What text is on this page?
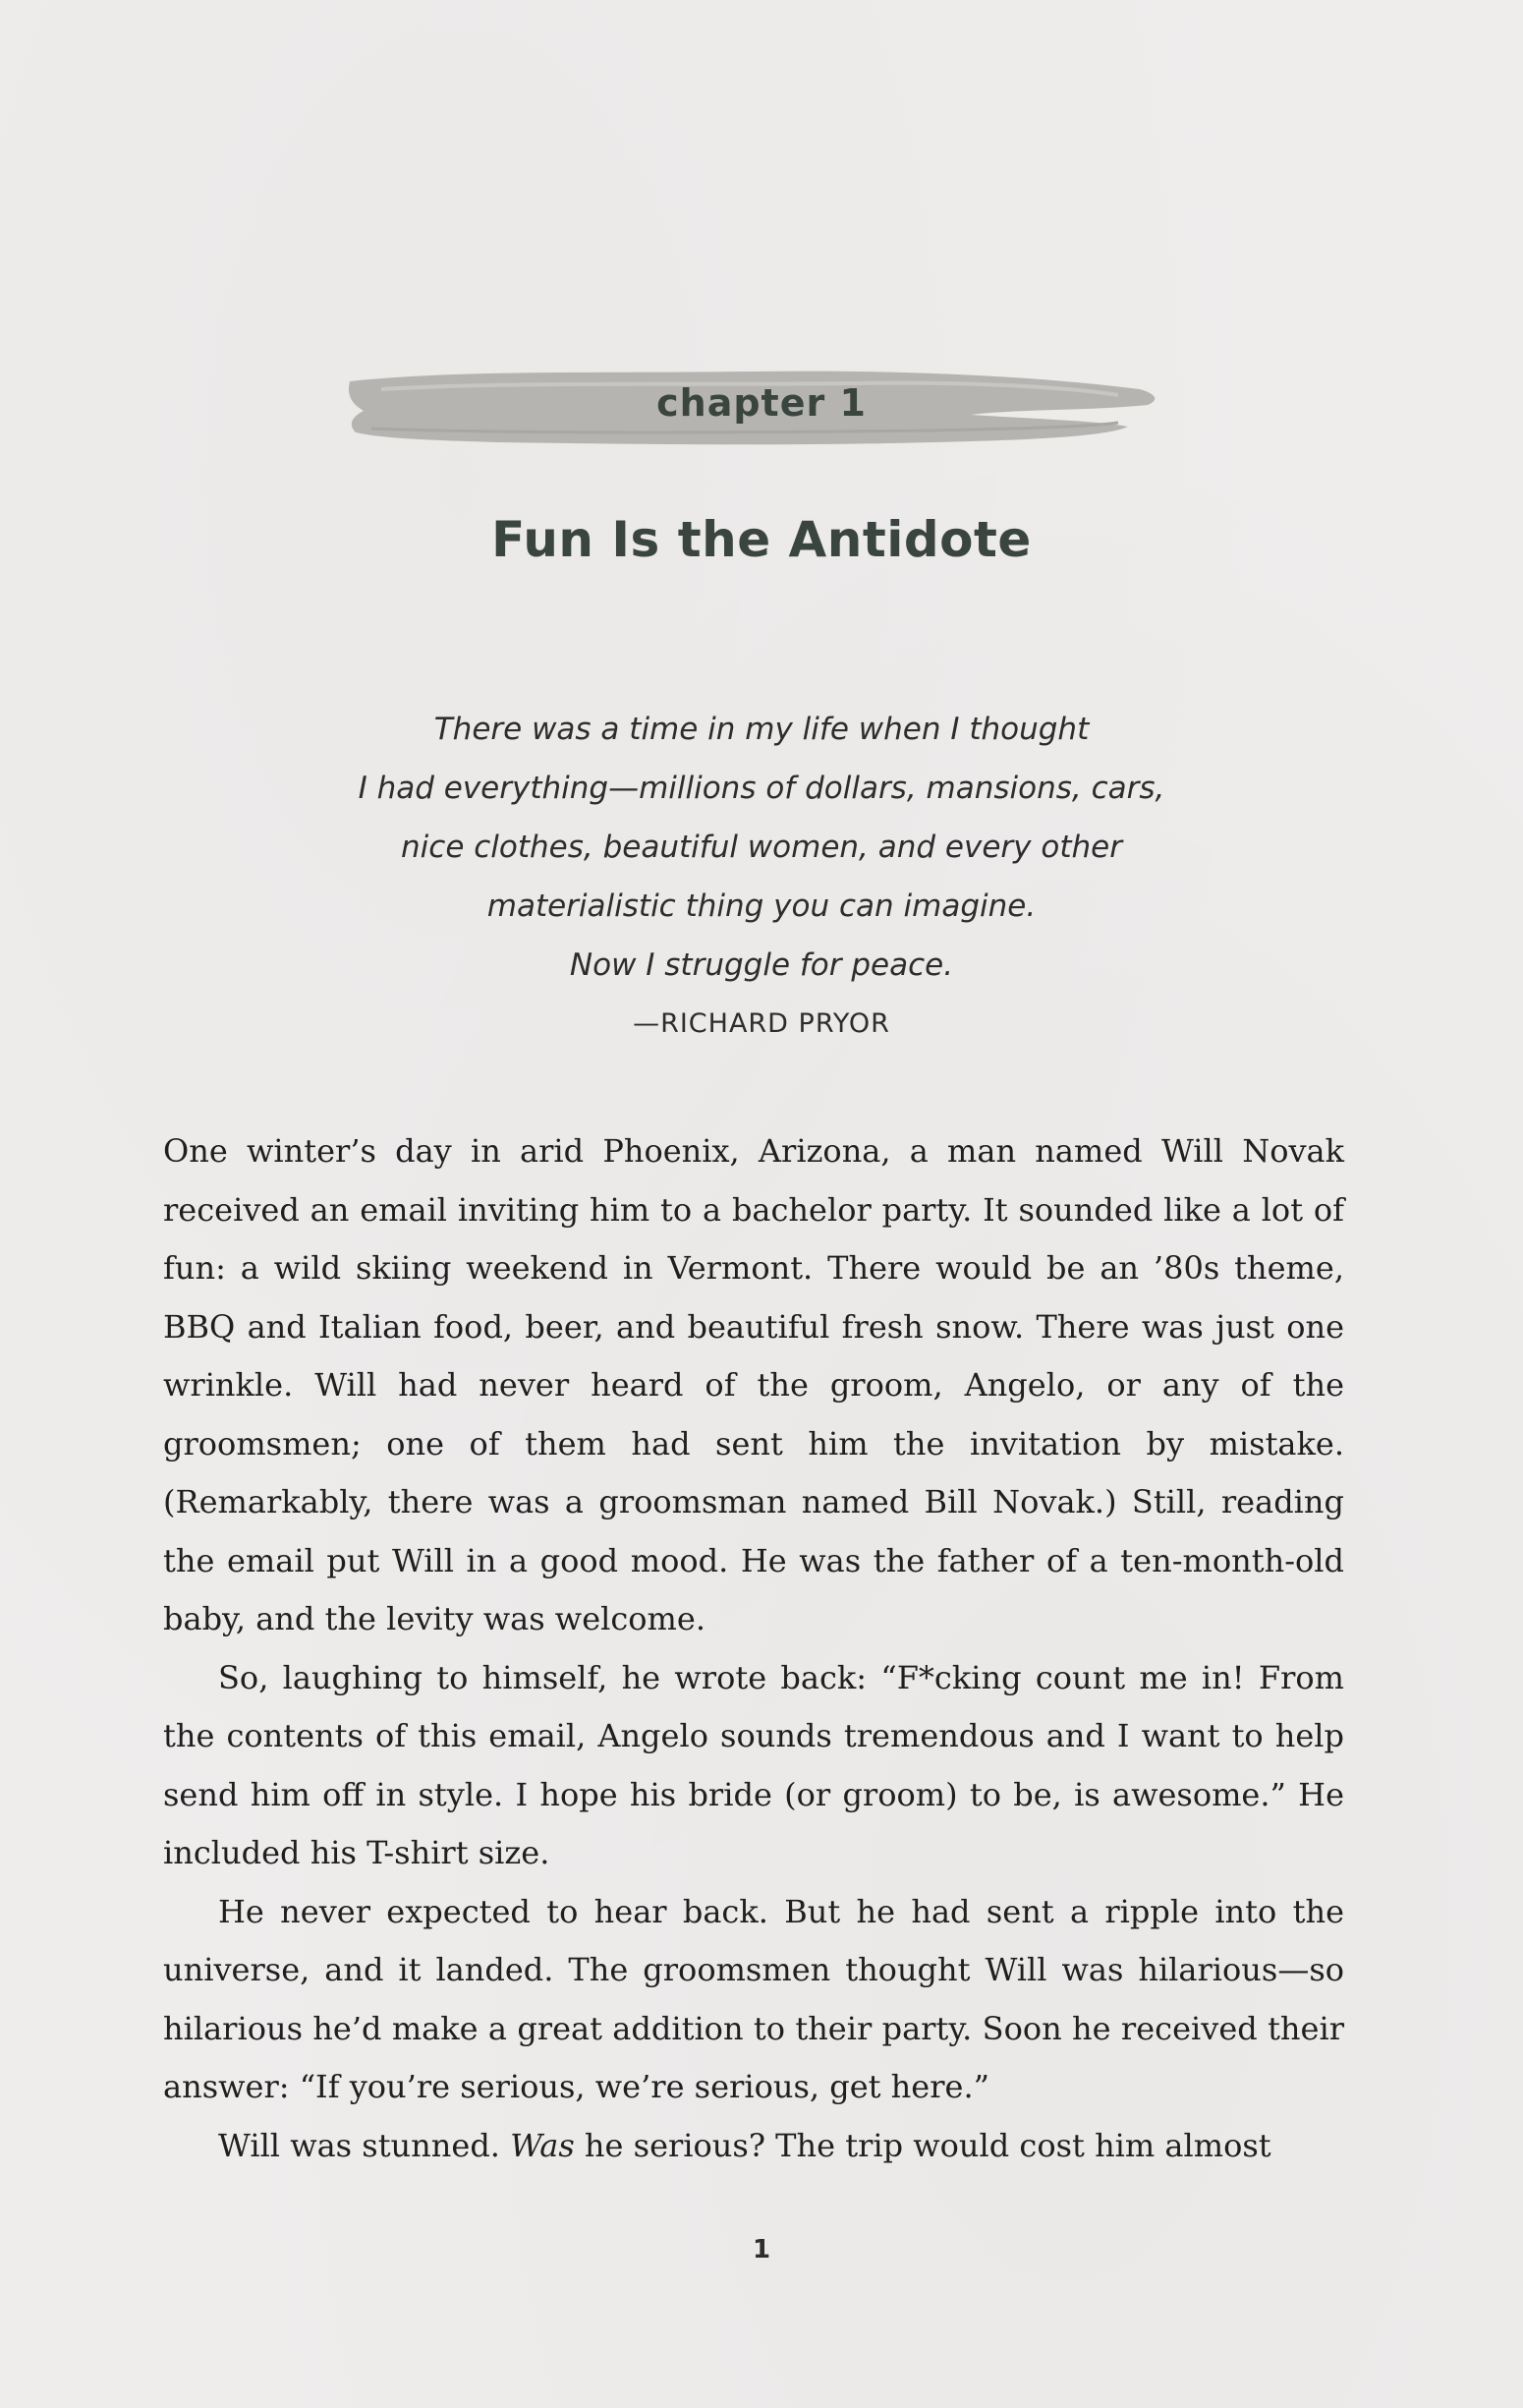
chapter 1
Fun Is the Antidote
There was a time in my life when I thought
I had everything—millions of dollars, mansions, cars,
nice clothes, beautiful women, and every other
materialistic thing you can imagine.
Now I struggle for peace.
—RICHARD PRYOR

One winter’s day in arid Phoenix, Arizona, a man named Will Novak received an email inviting him to a bachelor party. It sounded like a lot of fun: a wild skiing weekend in Vermont. There would be an ’80s theme, BBQ and Italian food, beer, and beautiful fresh snow. There was just one wrinkle. Will had never heard of the groom, Angelo, or any of the groomsmen; one of them had sent him the invitation by mistake. (Remarkably, there was a groomsman named Bill Novak.) Still, reading the email put Will in a good mood. He was the father of a ten-month-old baby, and the levity was welcome.

So, laughing to himself, he wrote back: “F*cking count me in! From the contents of this email, Angelo sounds tremendous and I want to help send him off in style. I hope his bride (or groom) to be, is awesome.” He included his T-shirt size.

He never expected to hear back. But he had sent a ripple into the universe, and it landed. The groomsmen thought Will was hilarious—so hilarious he’d make a great addition to their party. Soon he received their answer: “If you’re serious, we’re serious, get here.”

Will was stunned. Was he serious? The trip would cost him almost

1
